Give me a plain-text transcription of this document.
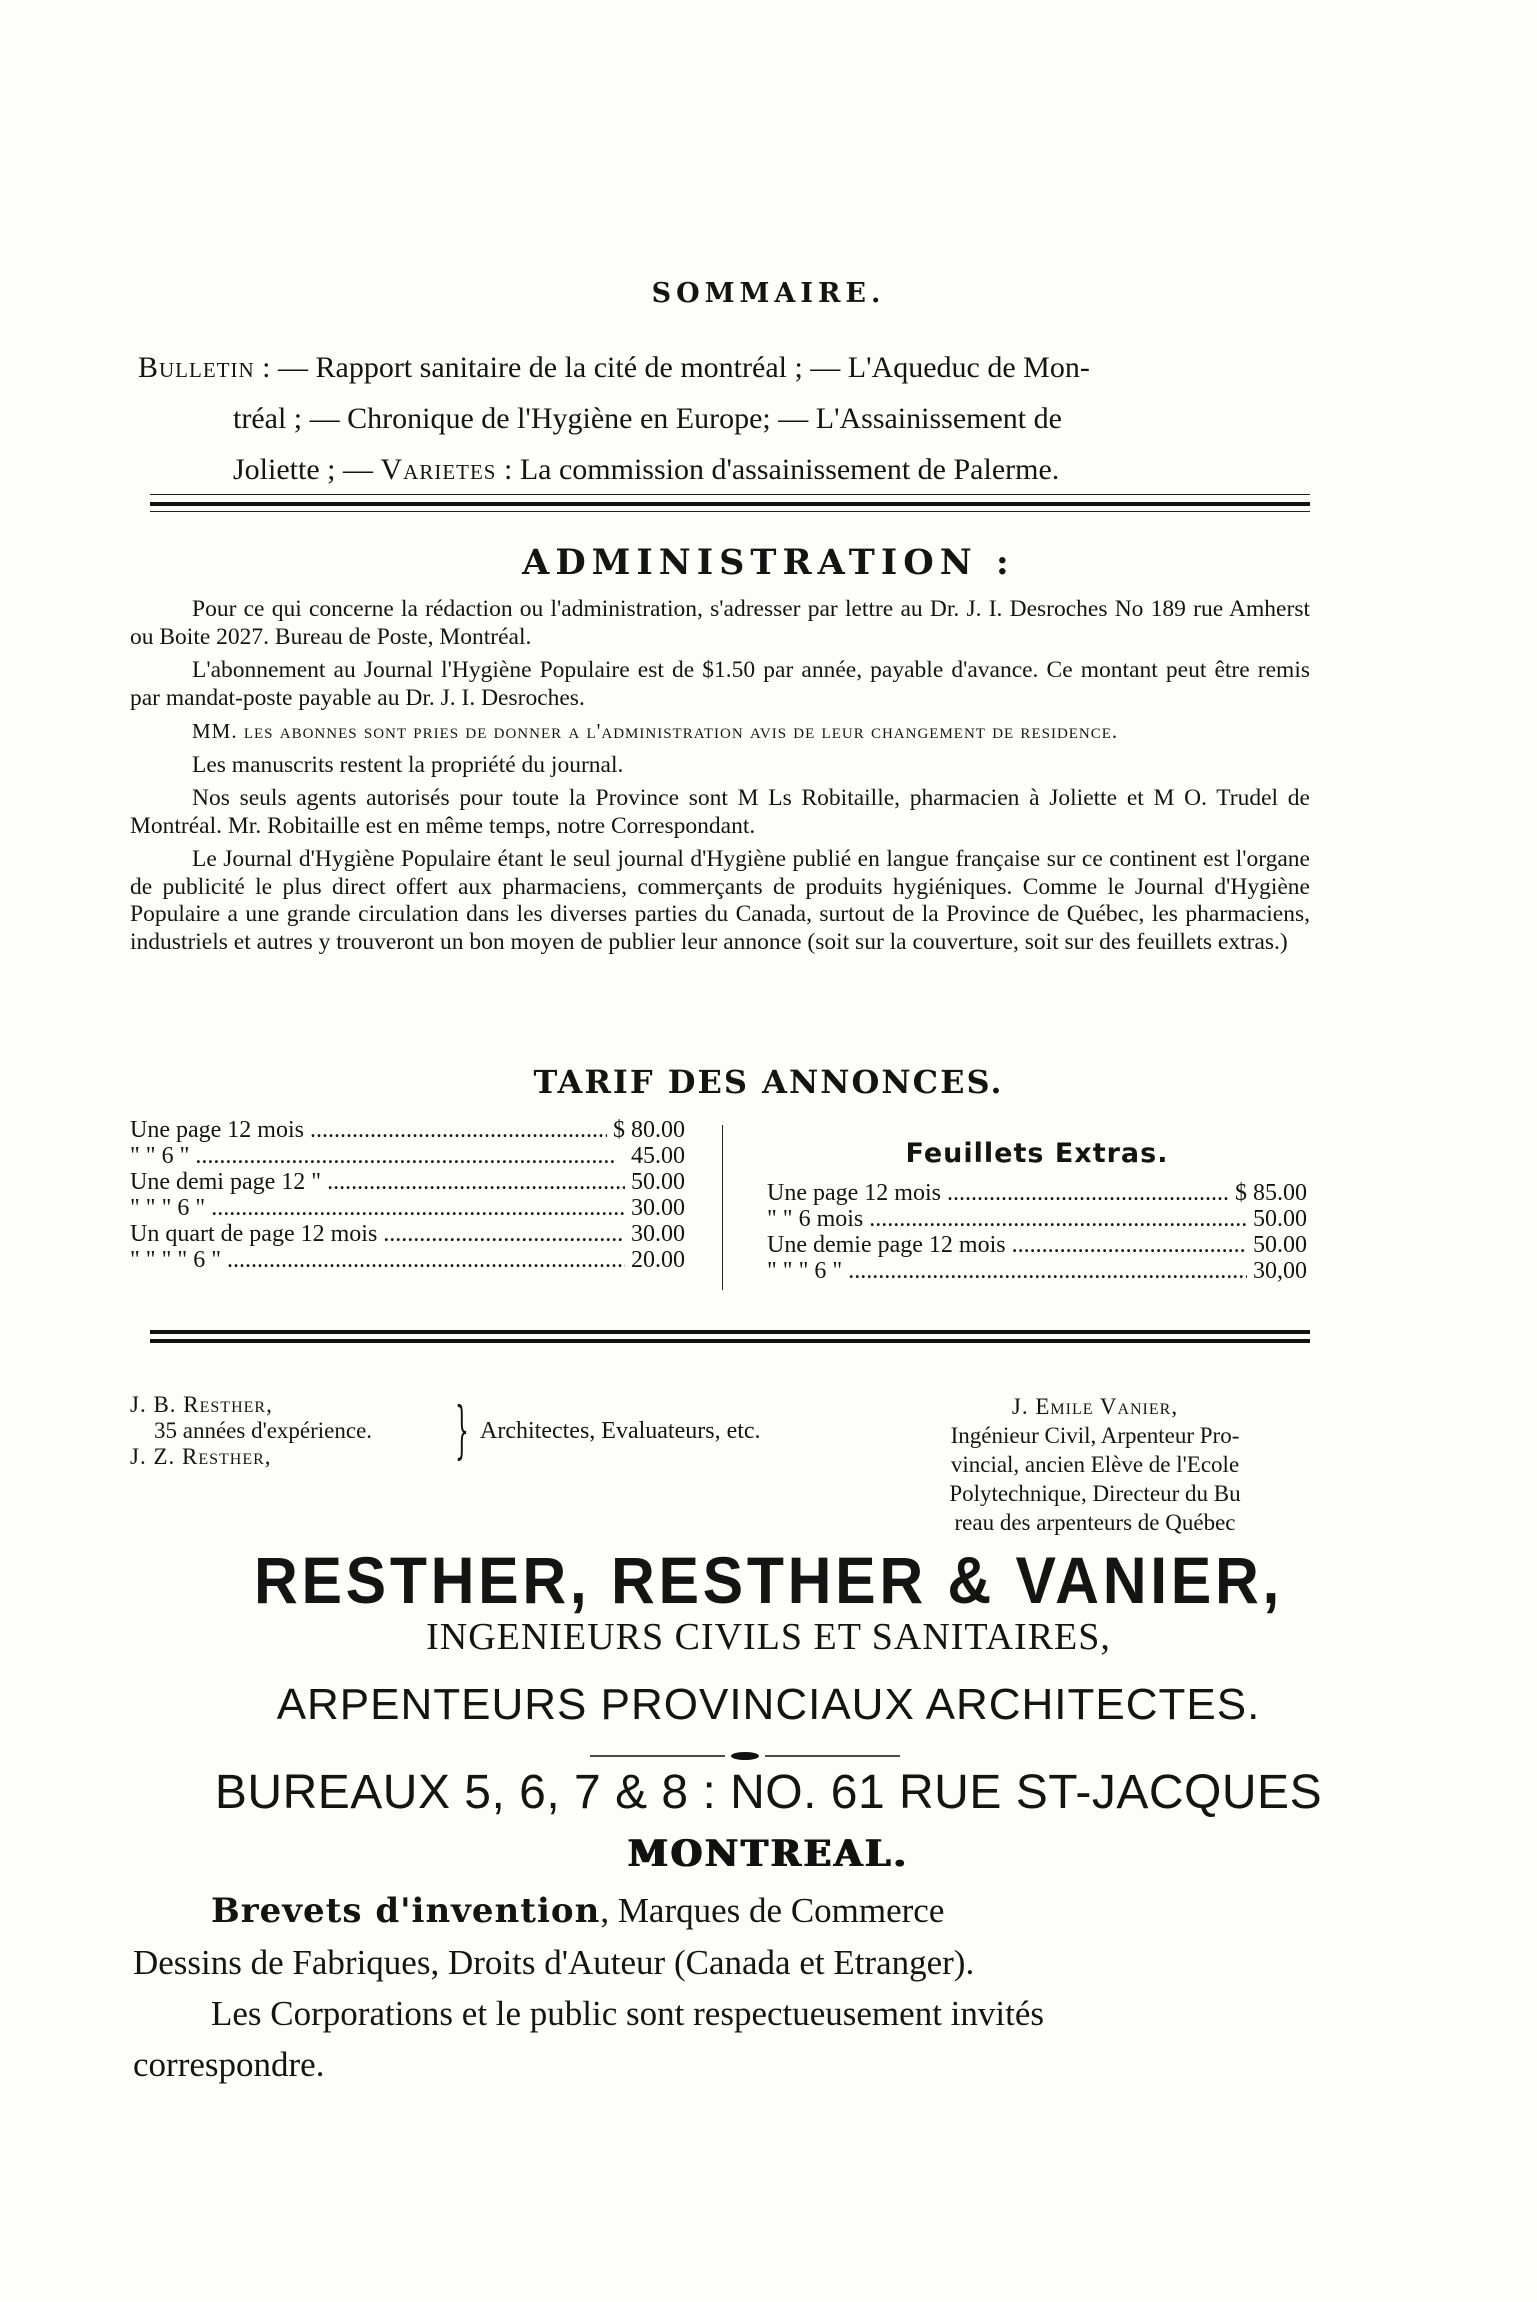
SOMMAIRE.
Bulletin : — Rapport sanitaire de la cité de montréal ; — L'Aqueduc de Mon-
tréal ; — Chronique de l'Hygiène en Europe; — L'Assainissement de
Joliette ; — Varietes : La commission d'assainissement de Palerme.
ADMINISTRATION :

Pour ce qui concerne la rédaction ou l'administration, s'adresser par lettre au Dr. J. I. Desroches No 189 rue Amherst ou Boite 2027. Bureau de Poste, Montréal.

L'abonnement au Journal l'Hygiène Populaire est de $1.50 par année, payable d'avance. Ce montant peut être remis par mandat-poste payable au Dr. J. I. Desroches.

MM. les abonnes sont pries de donner a l'administration avis de leur changement de residence.

Les manuscrits restent la propriété du journal.

Nos seuls agents autorisés pour toute la Province sont M Ls Robitaille, pharmacien à Joliette et M O. Trudel de Montréal. Mr. Robitaille est en même temps, notre Correspondant.

Le Journal d'Hygiène Populaire étant le seul journal d'Hygiène publié en langue française sur ce continent est l'organe de publicité le plus direct offert aux pharmaciens, commerçants de produits hygiéniques. Comme le Journal d'Hygiène Populaire a une grande circulation dans les diverses parties du Canada, surtout de la Province de Québec, les pharmaciens, industriels et autres y trouveront un bon moyen de publier leur annonce (soit sur la couverture, soit sur des feuillets extras.)

TARIF DES ANNONCES.
Une page 12 mois .....	$ 80.00
" " 6 " .....	45.00
Une demi page 12 " .....	50.00
" " " 6 " .....	30.00
Un quart de page 12 mois .....	30.00
" " " " 6 " .....	20.00
Feuillets Extras.
Une page 12 mois .....	$ 85.00
" " 6 mois .....	50.00
Une demie page 12 mois .....	50.00
" " " 6 " .....	30,00
J. B. Resther,
35 années d'expérience.
J. Z. Resther,	} Architectes, Evaluateurs, etc.
J. Emile Vanier,
Ingénieur Civil, Arpenteur Pro-
vincial, ancien Elève de l'Ecole
Polytechnique, Directeur du Bu
reau des arpenteurs de Québec
RESTHER, RESTHER & VANIER,
INGENIEURS CIVILS ET SANITAIRES,
ARPENTEURS PROVINCIAUX ARCHITECTES.
BUREAUX 5, 6, 7 & 8 : NO. 61 RUE ST-JACQUES
MONTREAL.
Brevets d'invention, Marques de Commerce
Dessins de Fabriques, Droits d'Auteur (Canada et Etranger).
Les Corporations et le public sont respectueusement invités
correspondre.
